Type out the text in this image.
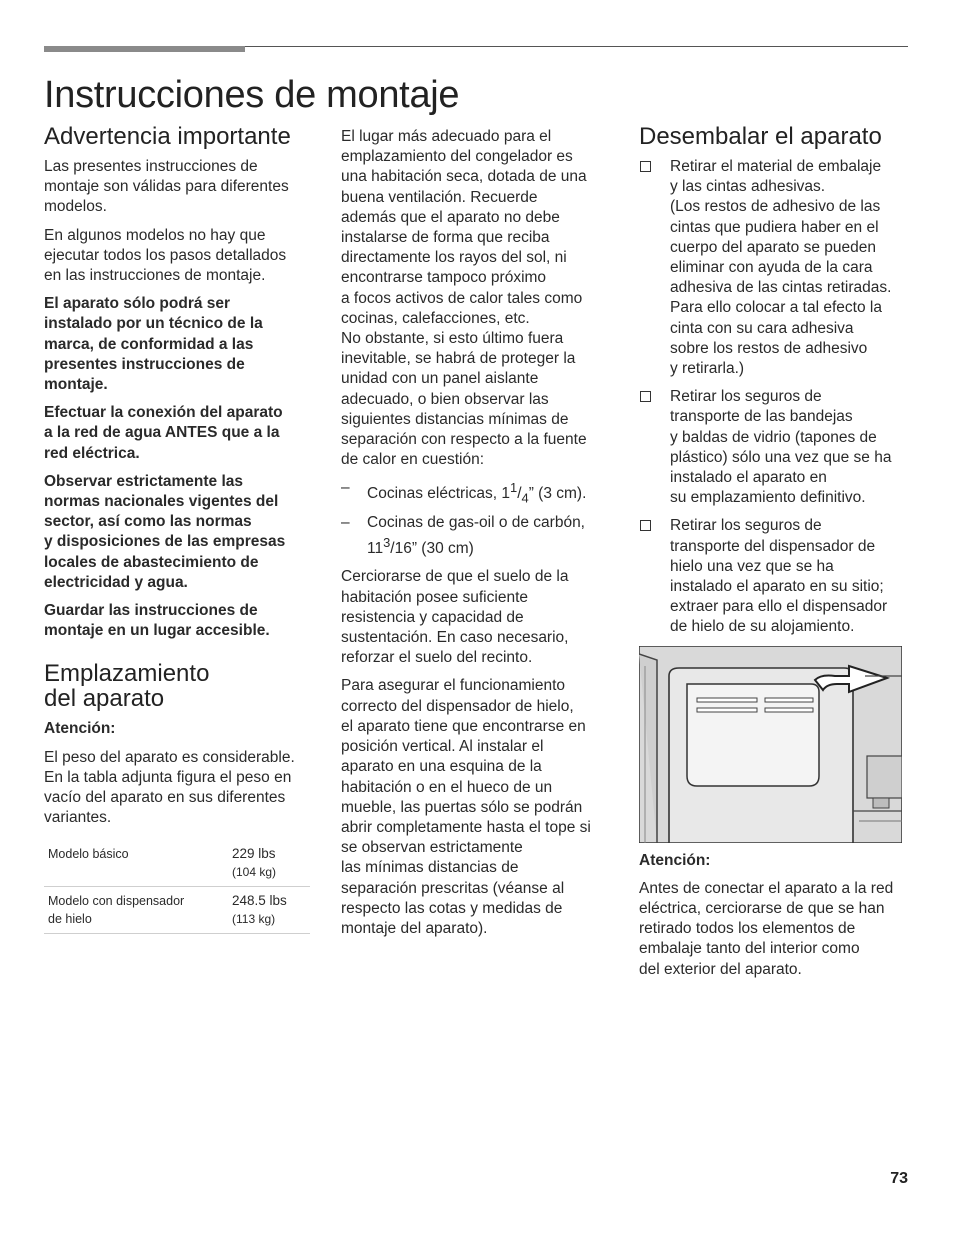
Instrucciones de montaje
Advertencia importante

Las presentes instrucciones de
montaje son válidas para diferentes
modelos.

En algunos modelos no hay que
ejecutar todos los pasos detallados
en las instrucciones de montaje.

El aparato sólo podrá ser
instalado por un técnico de la
marca, de conformidad a las
presentes instrucciones de
montaje.

Efectuar la conexión del aparato
a la red de agua ANTES que a la
red eléctrica.

Observar estrictamente las
normas nacionales vigentes del
sector, así como las normas
y disposiciones de las empresas
locales de abastecimiento de
electricidad y agua.

Guardar las instrucciones de
montaje en un lugar accesible.

Emplazamiento
del aparato

Atención:

El peso del aparato es considerable.
En la tabla adjunta figura el peso en
vacío del aparato en sus diferentes
variantes.

Modelo básico	229 lbs
(104 kg)

Modelo con dispensador
de hielo	248.5 lbs
(113 kg)

El lugar más adecuado para el
emplazamiento del congelador es
una habitación seca, dotada de una
buena ventilación. Recuerde
además que el aparato no debe
instalarse de forma que reciba
directamente los rayos del sol, ni
encontrarse tampoco próximo
a focos activos de calor tales como
cocinas, calefacciones, etc.
No obstante, si esto último fuera
inevitable, se habrá de proteger la
unidad con un panel aislante
adecuado, o bien observar las
siguientes distancias mínimas de
separación con respecto a la fuente
de calor en cuestión:

– Cocinas eléctricas, $1^1/_4$” (3 cm).
– Cocinas de gas-oil o de carbón,
$11^3/16$” (30 cm)

Cerciorarse de que el suelo de la
habitación posee suficiente
resistencia y capacidad de
sustentación. En caso necesario,
reforzar el suelo del recinto.

Para asegurar el funcionamiento
correcto del dispensador de hielo,
el aparato tiene que encontrarse en
posición vertical. Al instalar el
aparato en una esquina de la
habitación o en el hueco de un
mueble, las puertas sólo se podrán
abrir completamente hasta el tope si
se observan estrictamente
las mínimas distancias de
separación prescritas (véanse al
respecto las cotas y medidas de
montaje del aparato).

Desembalar el aparato
Retirar el material de embalaje
y las cintas adhesivas.
(Los restos de adhesivo de las
cintas que pudiera haber en el
cuerpo del aparato se pueden
eliminar con ayuda de la cara
adhesiva de las cintas retiradas.
Para ello colocar a tal efecto la
cinta con su cara adhesiva
sobre los restos de adhesivo
y retirarla.)
Retirar los seguros de
transporte de las bandejas
y baldas de vidrio (tapones de
plástico) sólo una vez que se ha
instalado el aparato en
su emplazamiento definitivo.
Retirar los seguros de
transporte del dispensador de
hielo una vez que se ha
instalado el aparato en su sitio;
extraer para ello el dispensador
de hielo de su alojamiento.

Atención:

Antes de conectar el aparato a la red
eléctrica, cerciorarse de que se han
retirado todos los elementos de
embalaje tanto del interior como
del exterior del aparato.

73
